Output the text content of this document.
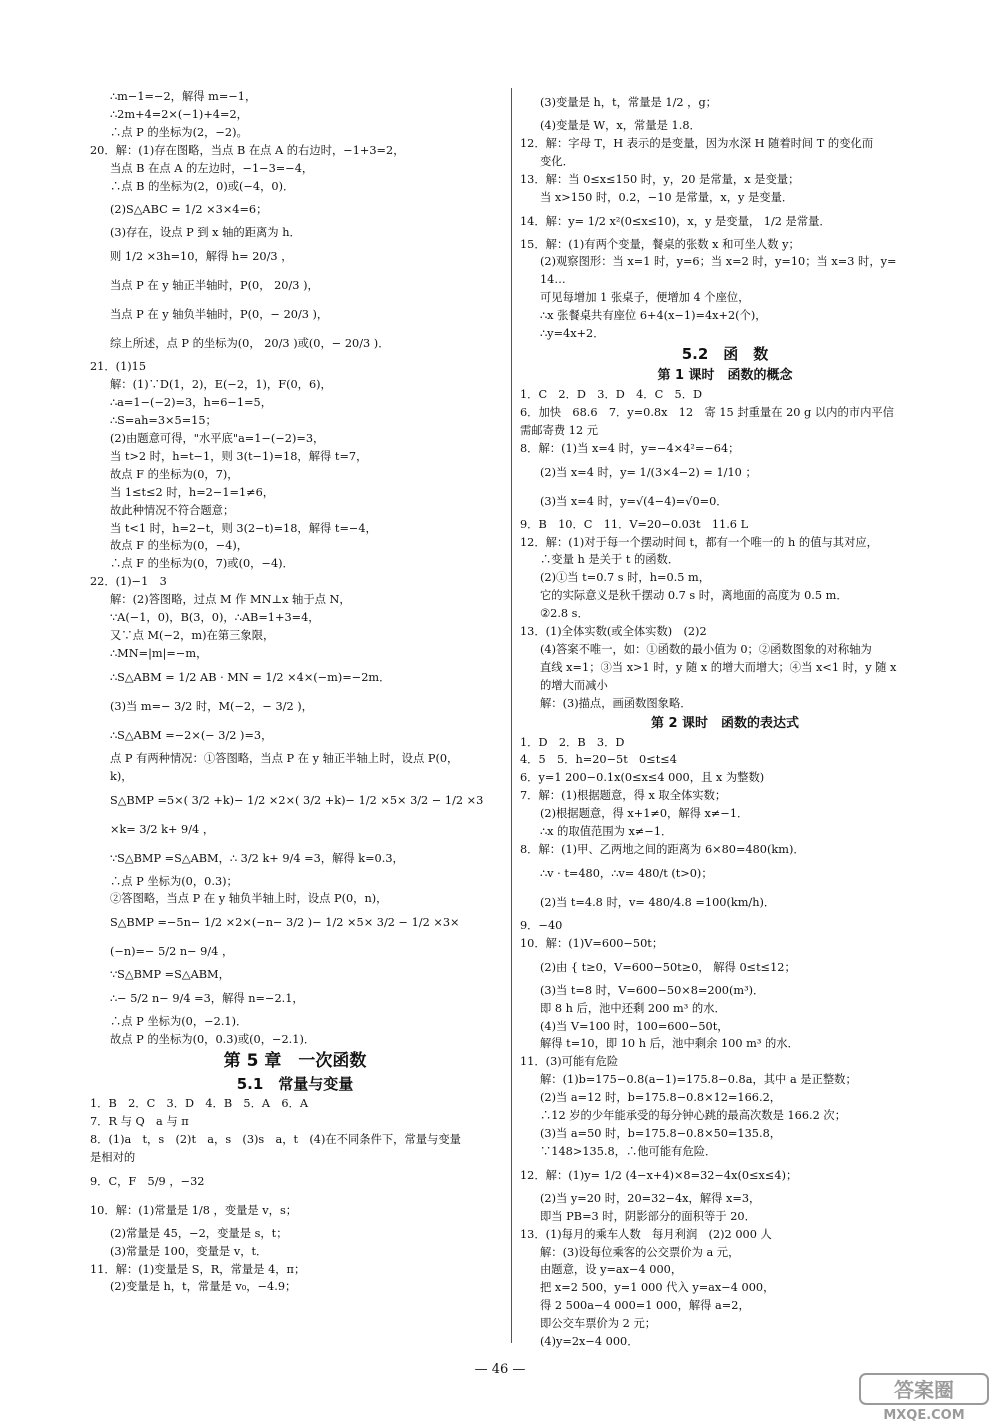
∴m−1=−2，解得 m=−1，
∴2m+4=2×(−1)+4=2，
∴点 P 的坐标为(2，−2)。
20．解：(1)存在图略，当点 B 在点 A 的右边时，−1+3=2，
当点 B 在点 A 的左边时，−1−3=−4，
∴点 B 的坐标为(2，0)或(−4，0)．
(2)S△ABC = 1/2 ×3×4=6；
(3)存在，设点 P 到 x 轴的距离为 h．
则 1/2 ×3h=10，解得 h= 20/3 ，
当点 P 在 y 轴正半轴时，P(0， 20/3 )，
当点 P 在 y 轴负半轴时，P(0，− 20/3 )，
综上所述，点 P 的坐标为(0， 20/3 )或(0，− 20/3 )．
21．(1)15
解：(1)∵D(1，2)，E(−2，1)，F(0，6)，
∴a=1−(−2)=3，h=6−1=5，
∴S=ah=3×5=15；
(2)由题意可得，"水平底"a=1−(−2)=3，
当 t>2 时，h=t−1，则 3(t−1)=18，解得 t=7，
故点 F 的坐标为(0，7)，
当 1≤t≤2 时，h=2−1=1≠6，
故此种情况不符合题意；
当 t<1 时，h=2−t，则 3(2−t)=18，解得 t=−4，
故点 F 的坐标为(0，−4)，
∴点 F 的坐标为(0，7)或(0，−4)．
22．(1)−1　3
解：(2)答图略，过点 M 作 MN⊥x 轴于点 N，
∵A(−1，0)，B(3，0)，∴AB=1+3=4，
又∵点 M(−2，m)在第三象限，
∴MN=|m|=−m，
∴S△ABM = 1/2 AB · MN = 1/2 ×4×(−m)=−2m．
(3)当 m=− 3/2 时，M(−2，− 3/2 )，
∴S△ABM =−2×(− 3/2 )=3，
点 P 有两种情况：①答图略，当点 P 在 y 轴正半轴上时，设点 P(0，
k)，
S△BMP =5×( 3/2 +k)− 1/2 ×2×( 3/2 +k)− 1/2 ×5× 3/2 − 1/2 ×3
×k= 3/2 k+ 9/4 ，
∵S△BMP =S△ABM，∴ 3/2 k+ 9/4 =3，解得 k=0.3，
∴点 P 坐标为(0，0.3)；
②答图略，当点 P 在 y 轴负半轴上时，设点 P(0，n)，
S△BMP =−5n− 1/2 ×2×(−n− 3/2 )− 1/2 ×5× 3/2 − 1/2 ×3×
(−n)=− 5/2 n− 9/4 ，
∵S△BMP =S△ABM，
∴− 5/2 n− 9/4 =3，解得 n=−2.1，
∴点 P 坐标为(0，−2.1)．
故点 P 的坐标为(0，0.3)或(0，−2.1)．
第 5 章　一次函数
5.1　常量与变量
1．B　2．C　3．D　4．B　5．A　6．A
7．R 与 Q　a 与 π
8．(1)a　t，s　(2)t　a，s　(3)s　a，t　(4)在不同条件下，常量与变量
是相对的
9．C，F　5/9 ，−32
10．解：(1)常量是 1/8 ，变量是 v，s；
(2)常量是 45，−2，变量是 s，t；
(3)常量是 100，变量是 v，t．
11．解：(1)变量是 S，R，常量是 4，π；
(2)变量是 h，t，常量是 v₀，−4.9；
(3)变量是 h，t，常量是 1/2 ，g；
(4)变量是 W，x，常量是 1.8．
12．解：字母 T，H 表示的是变量，因为水深 H 随着时间 T 的变化而
变化．
13．解：当 0≤x≤150 时，y，20 是常量，x 是变量；
当 x>150 时，0.2，−10 是常量，x，y 是变量．
14．解：y= 1/2 x²(0≤x≤10)，x，y 是变量， 1/2 是常量．
15．解：(1)有两个变量，餐桌的张数 x 和可坐人数 y；
(2)观察图形：当 x=1 时，y=6；当 x=2 时，y=10；当 x=3 时，y=
14…
可见每增加 1 张桌子，便增加 4 个座位，
∴x 张餐桌共有座位 6+4(x−1)=4x+2(个)，
∴y=4x+2．
5.2　函　数
第 1 课时　函数的概念
1．C　2．D　3．D　4．C　5．D
6．加快　68.6　7．y=0.8x　12　寄 15 封重量在 20 g 以内的市内平信
需邮寄费 12 元
8．解：(1)当 x=4 时，y=−4×4²=−64；
(2)当 x=4 时，y= 1/(3×4−2) = 1/10 ；
(3)当 x=4 时，y=√(4−4)=√0=0．
9．B　10．C　11．V=20−0.03t　11.6 L
12．解：(1)对于每一个摆动时间 t，都有一个唯一的 h 的值与其对应，
∴变量 h 是关于 t 的函数．
(2)①当 t=0.7 s 时，h=0.5 m，
它的实际意义是秋千摆动 0.7 s 时，离地面的高度为 0.5 m．
②2.8 s．
13．(1)全体实数(或全体实数)　(2)2
(4)答案不唯一，如：①函数的最小值为 0；②函数图象的对称轴为
直线 x=1；③当 x>1 时，y 随 x 的增大而增大；④当 x<1 时，y 随 x
的增大而减小
解：(3)描点，画函数图象略．
第 2 课时　函数的表达式
1．D　2．B　3．D
4．5　5．h=20−5t　0≤t≤4
6．y=1 200−0.1x(0≤x≤4 000，且 x 为整数)
7．解：(1)根据题意，得 x 取全体实数；
(2)根据题意，得 x+1≠0，解得 x≠−1．
∴x 的取值范围为 x≠−1．
8．解：(1)甲、乙两地之间的距离为 6×80=480(km)．
∴v · t=480，∴v= 480/t (t>0)；
(2)当 t=4.8 时，v= 480/4.8 =100(km/h)．
9．−40
10．解：(1)V=600−50t；
(2)由 { t≥0，V=600−50t≥0， 解得 0≤t≤12；
(3)当 t=8 时，V=600−50×8=200(m³)．
即 8 h 后，池中还剩 200 m³ 的水．
(4)当 V=100 时，100=600−50t，
解得 t=10，即 10 h 后，池中剩余 100 m³ 的水．
11．(3)可能有危险
解：(1)b=175−0.8(a−1)=175.8−0.8a，其中 a 是正整数；
(2)当 a=12 时，b=175.8−0.8×12=166.2，
∴12 岁的少年能承受的每分钟心跳的最高次数是 166.2 次；
(3)当 a=50 时，b=175.8−0.8×50=135.8，
∵148>135.8，∴他可能有危险．
12．解：(1)y= 1/2 (4−x+4)×8=32−4x(0≤x≤4)；
(2)当 y=20 时，20=32−4x，解得 x=3，
即当 PB=3 时，阴影部分的面积等于 20．
13．(1)每月的乘车人数　每月利润　(2)2 000 人
解：(3)设每位乘客的公交票价为 a 元，
由题意，设 y=ax−4 000，
把 x=2 500，y=1 000 代入 y=ax−4 000，
得 2 500a−4 000=1 000，解得 a=2，
即公交车票价为 2 元；
(4)y=2x−4 000．
— 46 —
答案圈
MXQE.COM
